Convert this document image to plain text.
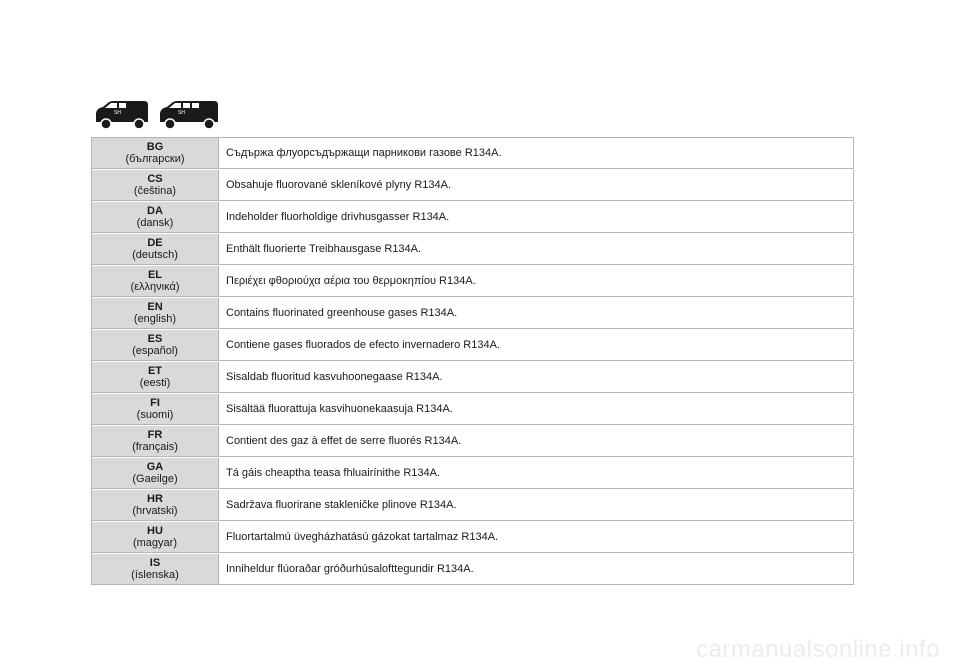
SH	SH
BG
(български)	Съдържа флуорсъдържащи парникови газове R134A.
CS
(čeština)	Obsahuje fluorované skleníkové plyny R134A.
DA
(dansk)	Indeholder fluorholdige drivhusgasser R134A.
DE
(deutsch)	Enthält fluorierte Treibhausgase R134A.
EL
(ελληνικά)	Περιέχει φθοριούχα αέρια του θερμοκηπίου R134A.
EN
(english)	Contains fluorinated greenhouse gases R134A.
ES
(español)	Contiene gases fluorados de efecto invernadero R134A.
ET
(eesti)	Sisaldab fluoritud kasvuhoonegaase R134A.
FI
(suomi)	Sisältää fluorattuja kasvihuonekaasuja R134A.
FR
(français)	Contient des gaz à effet de serre fluorés R134A.
GA
(Gaeilge)	Tá gáis cheaptha teasa fhluairínithe R134A.
HR
(hrvatski)	Sadržava fluorirane stakleničke plinove R134A.
HU
(magyar)	Fluortartalmú üvegházhatású gázokat tartalmaz R134A.
IS
(íslenska)	Inniheldur flúoraðar gróðurhúsalofttegundir R134A.
carmanualsonline.info
